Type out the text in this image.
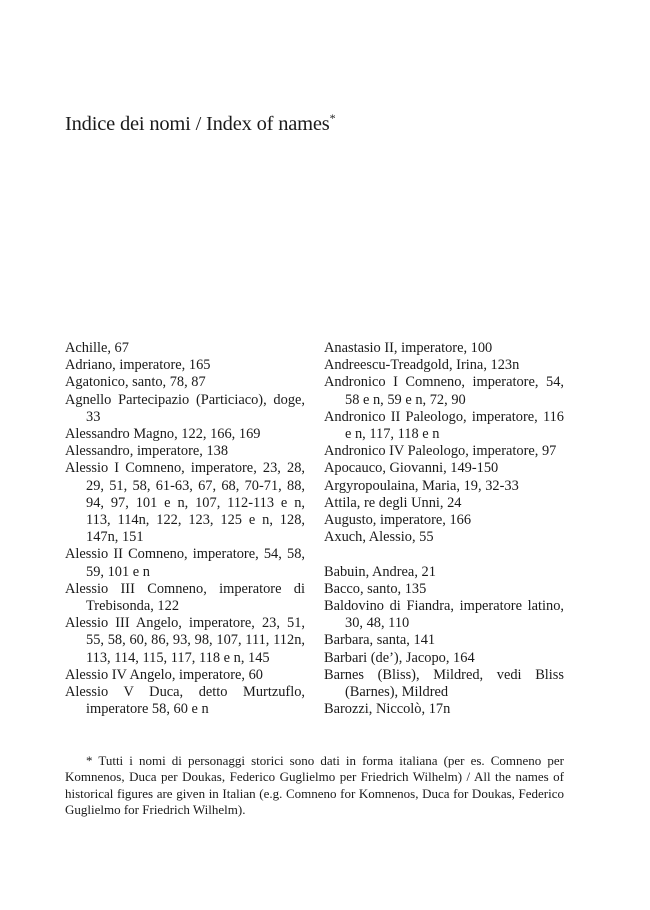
Indice dei nomi / Index of names*
Achille, 67
Adriano, imperatore, 165
Agatonico, santo, 78, 87
Agnello Partecipazio (Particiaco), doge, 33
Alessandro Magno, 122, 166, 169
Alessandro, imperatore, 138
Alessio I Comneno, imperatore, 23, 28, 29, 51, 58, 61-63, 67, 68, 70-71, 88, 94, 97, 101 e n, 107, 112-113 e n, 113, 114n, 122, 123, 125 e n, 128, 147n, 151
Alessio II Comneno, imperatore, 54, 58, 59, 101 e n
Alessio III Comneno, imperatore di Trebisonda, 122
Alessio III Angelo, imperatore, 23, 51, 55, 58, 60, 86, 93, 98, 107, 111, 112n, 113, 114, 115, 117, 118 e n, 145
Alessio IV Angelo, imperatore, 60
Alessio V Duca, detto Murtzuflo, imperatore 58, 60 e n
Anastasio II, imperatore, 100
Andreescu-Treadgold, Irina, 123n
Andronico I Comneno, imperatore, 54, 58 e n, 59 e n, 72, 90
Andronico II Paleologo, imperatore, 116 e n, 117, 118 e n
Andronico IV Paleologo, imperatore, 97
Apocauco, Giovanni, 149-150
Argyropoulaina, Maria, 19, 32-33
Attila, re degli Unni, 24
Augusto, imperatore, 166
Axuch, Alessio, 55
Babuin, Andrea, 21
Bacco, santo, 135
Baldovino di Fiandra, imperatore latino, 30, 48, 110
Barbara, santa, 141
Barbari (de’), Jacopo, 164
Barnes (Bliss), Mildred, vedi Bliss (Barnes), Mildred
Barozzi, Niccolò, 17n
* Tutti i nomi di personaggi storici sono dati in forma italiana (per es. Comneno per Komnenos, Duca per Doukas, Federico Guglielmo per Friedrich Wilhelm) / All the names of historical figures are given in Italian (e.g. Comneno for Komnenos, Duca for Doukas, Federico Guglielmo for Friedrich Wilhelm).
